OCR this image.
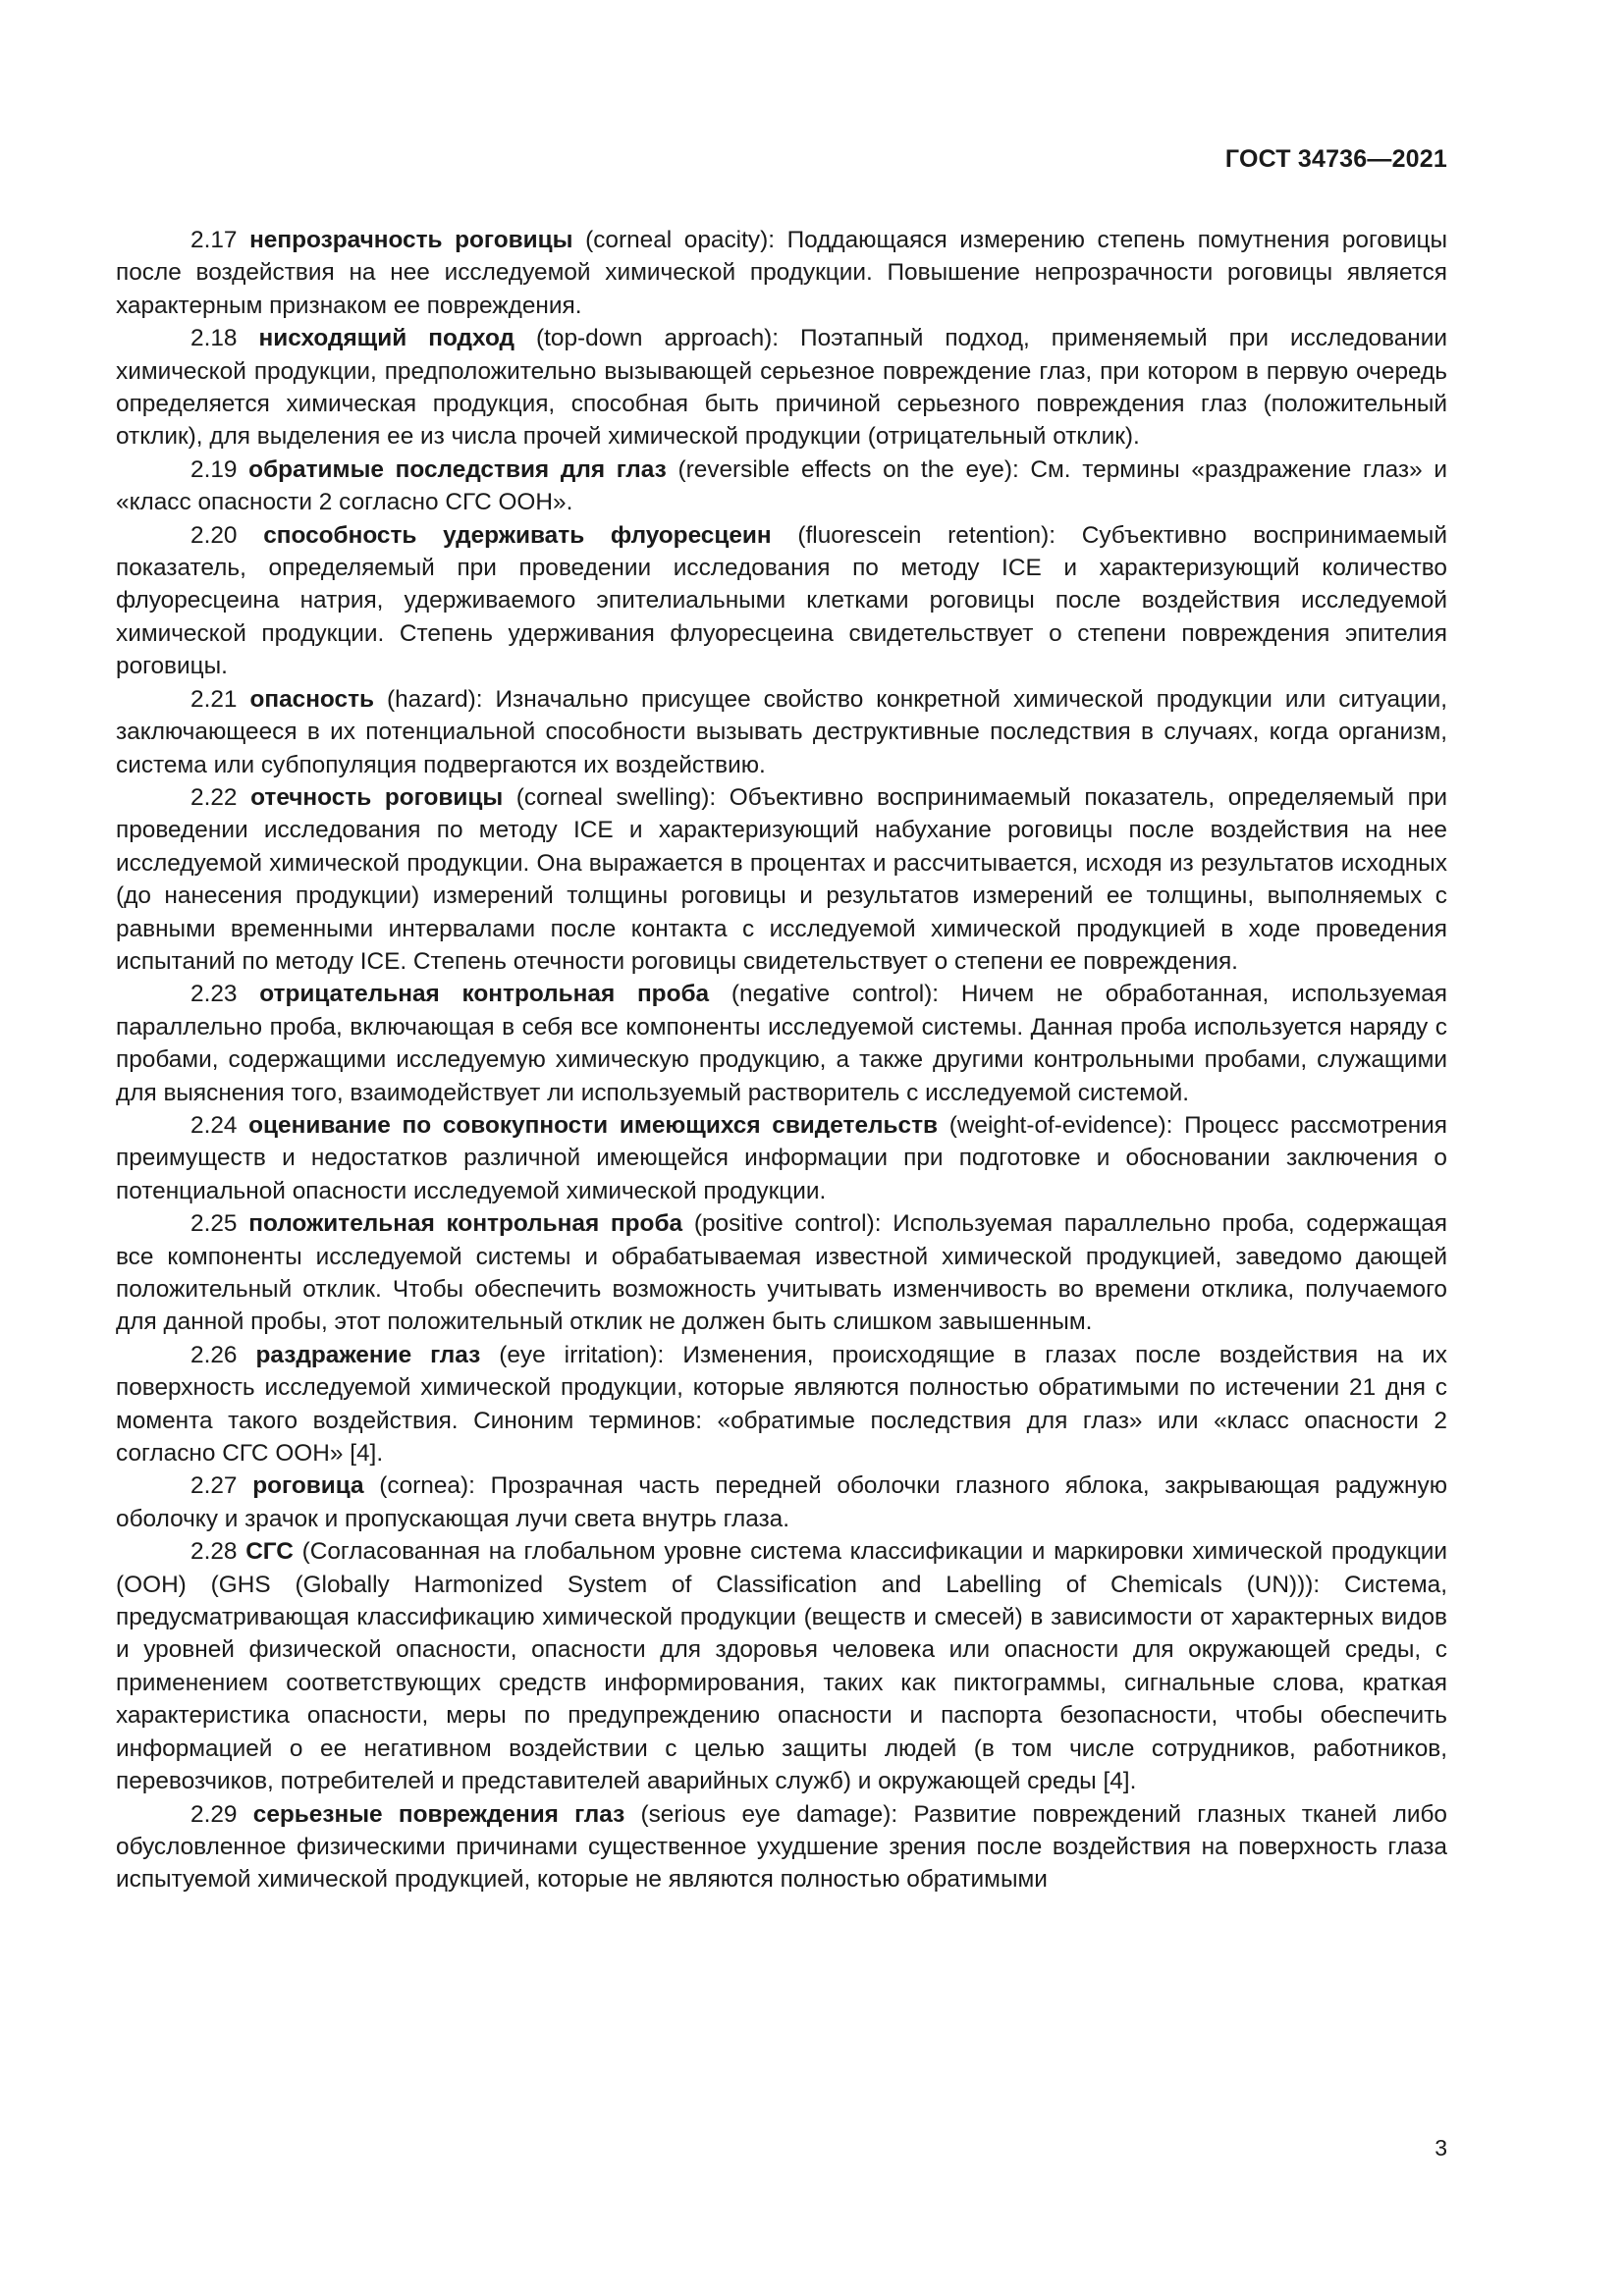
ГОСТ 34736—2021

2.17 непрозрачность роговицы (corneal opacity): Поддающаяся измерению степень помутнения роговицы после воздействия на нее исследуемой химической продукции. Повышение непрозрачности роговицы является характерным признаком ее повреждения.

2.18 нисходящий подход (top-down approach): Поэтапный подход, применяемый при исследовании химической продукции, предположительно вызывающей серьезное повреждение глаз, при котором в первую очередь определяется химическая продукция, способная быть причиной серьезного повреждения глаз (положительный отклик), для выделения ее из числа прочей химической продукции (отрицательный отклик).

2.19 обратимые последствия для глаз (reversible effects on the eye): См. термины «раздражение глаз» и «класс опасности 2 согласно СГС ООН».

2.20 способность удерживать флуоресцеин (fluorescein retention): Субъективно воспринимаемый показатель, определяемый при проведении исследования по методу ICE и характеризующий количество флуоресцеина натрия, удерживаемого эпителиальными клетками роговицы после воздействия исследуемой химической продукции. Степень удерживания флуоресцеина свидетельствует о степени повреждения эпителия роговицы.

2.21 опасность (hazard): Изначально присущее свойство конкретной химической продукции или ситуации, заключающееся в их потенциальной способности вызывать деструктивные последствия в случаях, когда организм, система или субпопуляция подвергаются их воздействию.

2.22 отечность роговицы (corneal swelling): Объективно воспринимаемый показатель, определяемый при проведении исследования по методу ICE и характеризующий набухание роговицы после воздействия на нее исследуемой химической продукции. Она выражается в процентах и рассчитывается, исходя из результатов исходных (до нанесения продукции) измерений толщины роговицы и результатов измерений ее толщины, выполняемых с равными временными интервалами после контакта с исследуемой химической продукцией в ходе проведения испытаний по методу ICE. Степень отечности роговицы свидетельствует о степени ее повреждения.

2.23 отрицательная контрольная проба (negative control): Ничем не обработанная, используемая параллельно проба, включающая в себя все компоненты исследуемой системы. Данная проба используется наряду с пробами, содержащими исследуемую химическую продукцию, а также другими контрольными пробами, служащими для выяснения того, взаимодействует ли используемый растворитель с исследуемой системой.

2.24 оценивание по совокупности имеющихся свидетельств (weight-of-evidence): Процесс рассмотрения преимуществ и недостатков различной имеющейся информации при подготовке и обосновании заключения о потенциальной опасности исследуемой химической продукции.

2.25 положительная контрольная проба (positive control): Используемая параллельно проба, содержащая все компоненты исследуемой системы и обрабатываемая известной химической продукцией, заведомо дающей положительный отклик. Чтобы обеспечить возможность учитывать изменчивость во времени отклика, получаемого для данной пробы, этот положительный отклик не должен быть слишком завышенным.

2.26 раздражение глаз (eye irritation): Изменения, происходящие в глазах после воздействия на их поверхность исследуемой химической продукции, которые являются полностью обратимыми по истечении 21 дня с момента такого воздействия. Синоним терминов: «обратимые последствия для глаз» или «класс опасности 2 согласно СГС ООН» [4].

2.27 роговица (cornea): Прозрачная часть передней оболочки глазного яблока, закрывающая радужную оболочку и зрачок и пропускающая лучи света внутрь глаза.

2.28 СГС (Согласованная на глобальном уровне система классификации и маркировки химической продукции (ООН) (GHS (Globally Harmonized System of Classification and Labelling of Chemicals (UN))): Система, предусматривающая классификацию химической продукции (веществ и смесей) в зависимости от характерных видов и уровней физической опасности, опасности для здоровья человека или опасности для окружающей среды, с применением соответствующих средств информирования, таких как пиктограммы, сигнальные слова, краткая характеристика опасности, меры по предупреждению опасности и паспорта безопасности, чтобы обеспечить информацией о ее негативном воздействии с целью защиты людей (в том числе сотрудников, работников, перевозчиков, потребителей и представителей аварийных служб) и окружающей среды [4].

2.29 серьезные повреждения глаз (serious eye damage): Развитие повреждений глазных тканей либо обусловленное физическими причинами существенное ухудшение зрения после воздействия на поверхность глаза испытуемой химической продукцией, которые не являются полностью обратимыми

3
